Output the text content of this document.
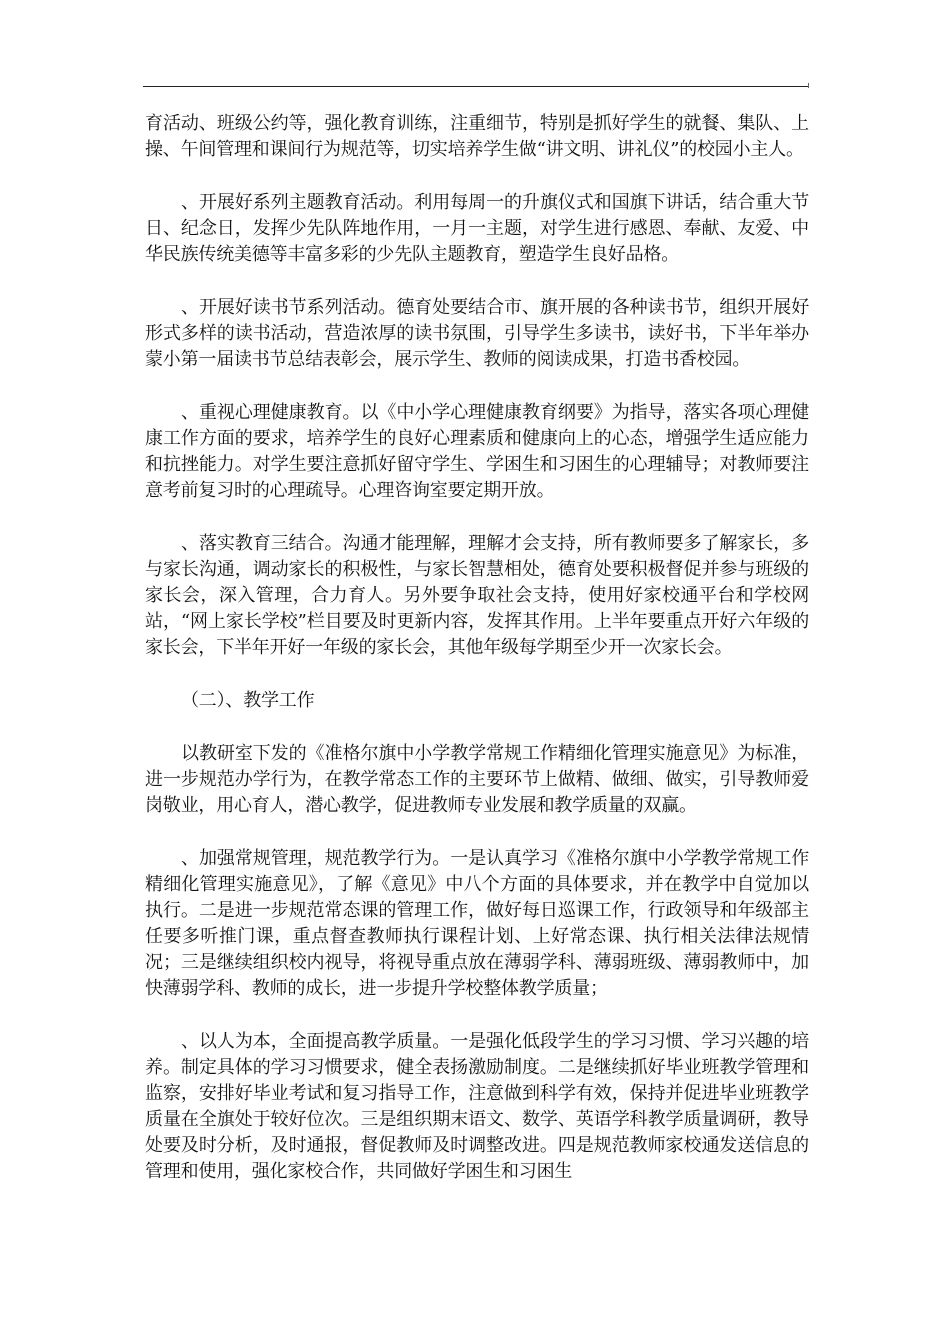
育活动、班级公约等，强化教育训练，注重细节，特别是抓好学生的就餐、集队、上操、午间管理和课间行为规范等，切实培养学生做“讲文明、讲礼仪”的校园小主人。

、开展好系列主题教育活动。利用每周一的升旗仪式和国旗下讲话，结合重大节日、纪念日，发挥少先队阵地作用，一月一主题，对学生进行感恩、奉献、友爱、中华民族传统美德等丰富多彩的少先队主题教育，塑造学生良好品格。

、开展好读书节系列活动。德育处要结合市、旗开展的各种读书节，组织开展好形式多样的读书活动，营造浓厚的读书氛围，引导学生多读书，读好书，下半年举办蒙小第一届读书节总结表彰会，展示学生、教师的阅读成果，打造书香校园。

、重视心理健康教育。以《中小学心理健康教育纲要》为指导，落实各项心理健康工作方面的要求，培养学生的良好心理素质和健康向上的心态，增强学生适应能力和抗挫能力。对学生要注意抓好留守学生、学困生和习困生的心理辅导；对教师要注意考前复习时的心理疏导。心理咨询室要定期开放。

、落实教育三结合。沟通才能理解，理解才会支持，所有教师要多了解家长，多与家长沟通，调动家长的积极性，与家长智慧相处，德育处要积极督促并参与班级的家长会，深入管理，合力育人。另外要争取社会支持，使用好家校通平台和学校网站，“网上家长学校”栏目要及时更新内容，发挥其作用。上半年要重点开好六年级的家长会，下半年开好一年级的家长会，其他年级每学期至少开一次家长会。

（二）、教学工作

以教研室下发的《准格尔旗中小学教学常规工作精细化管理实施意见》为标准，进一步规范办学行为，在教学常态工作的主要环节上做精、做细、做实，引导教师爱岗敬业，用心育人，潜心教学，促进教师专业发展和教学质量的双赢。

、加强常规管理，规范教学行为。一是认真学习《准格尔旗中小学教学常规工作精细化管理实施意见》，了解《意见》中八个方面的具体要求，并在教学中自觉加以执行。二是进一步规范常态课的管理工作，做好每日巡课工作，行政领导和年级部主任要多听推门课，重点督查教师执行课程计划、上好常态课、执行相关法律法规情况；三是继续组织校内视导，将视导重点放在薄弱学科、薄弱班级、薄弱教师中，加快薄弱学科、教师的成长，进一步提升学校整体教学质量；

、以人为本，全面提高教学质量。一是强化低段学生的学习习惯、学习兴趣的培养。制定具体的学习习惯要求，健全表扬激励制度。二是继续抓好毕业班教学管理和监察，安排好毕业考试和复习指导工作，注意做到科学有效，保持并促进毕业班教学质量在全旗处于较好位次。三是组织期末语文、数学、英语学科教学质量调研，教导处要及时分析，及时通报，督促教师及时调整改进。四是规范教师家校通发送信息的管理和使用，强化家校合作，共同做好学困生和习困生
